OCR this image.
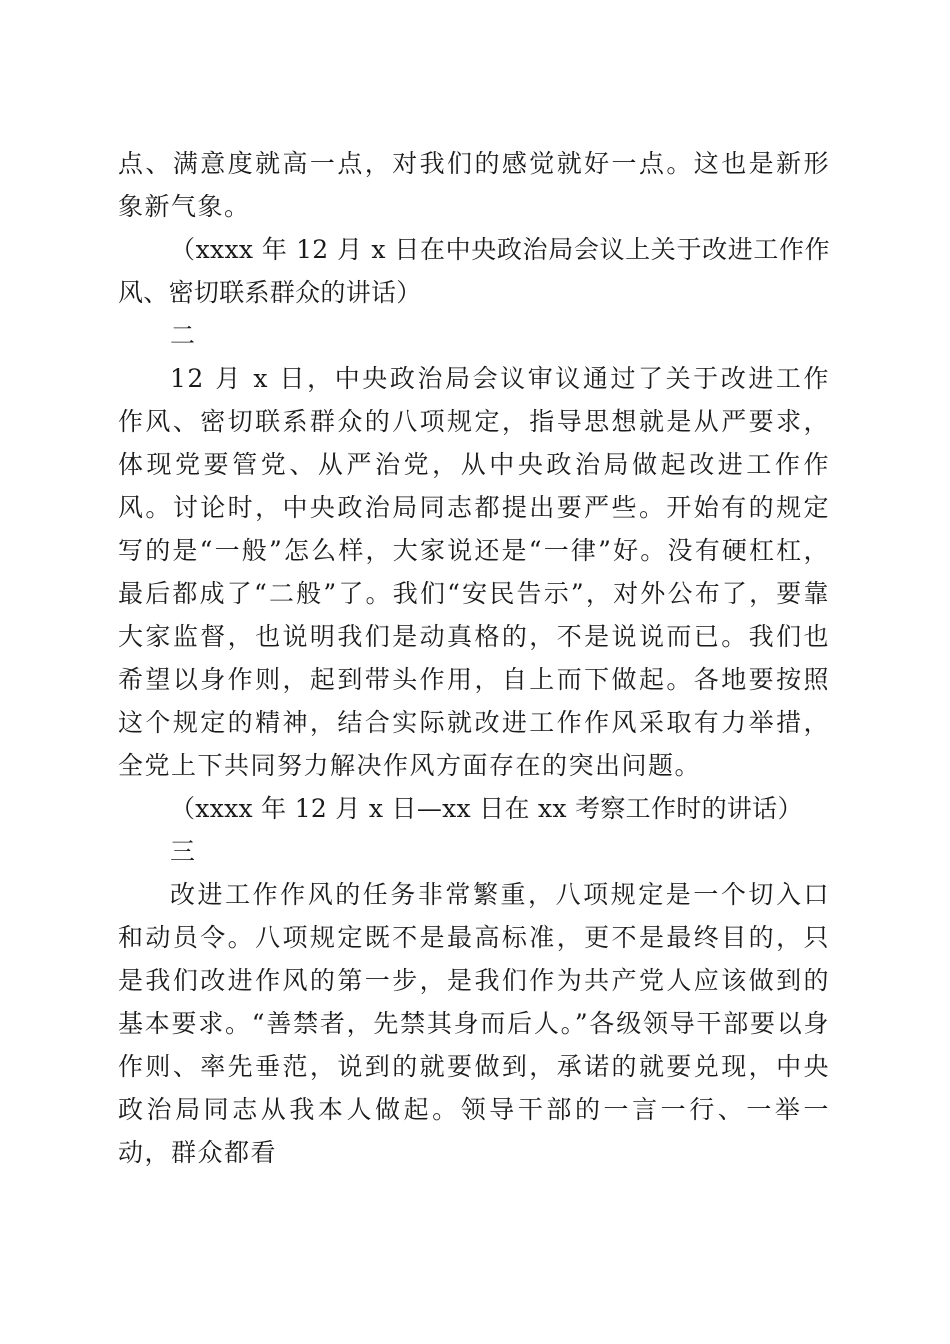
点、满意度就高一点，对我们的感觉就好一点。这也是新形象新气象。

（xxxx 年 12 月 x 日在中央政治局会议上关于改进工作作风、密切联系群众的讲话）

二

12 月 x 日，中央政治局会议审议通过了关于改进工作作风、密切联系群众的八项规定，指导思想就是从严要求，体现党要管党、从严治党，从中央政治局做起改进工作作风。讨论时，中央政治局同志都提出要严些。开始有的规定写的是“一般”怎么样，大家说还是“一律”好。没有硬杠杠，最后都成了“二般”了。我们“安民告示”，对外公布了，要靠大家监督，也说明我们是动真格的，不是说说而已。我们也希望以身作则，起到带头作用，自上而下做起。各地要按照这个规定的精神，结合实际就改进工作作风采取有力举措，全党上下共同努力解决作风方面存在的突出问题。

（xxxx 年 12 月 x 日—xx 日在 xx 考察工作时的讲话）

三

改进工作作风的任务非常繁重，八项规定是一个切入口和动员令。八项规定既不是最高标准，更不是最终目的，只是我们改进作风的第一步，是我们作为共产党人应该做到的基本要求。“善禁者，先禁其身而后人。”各级领导干部要以身作则、率先垂范，说到的就要做到，承诺的就要兑现，中央政治局同志从我本人做起。领导干部的一言一行、一举一动，群众都看
